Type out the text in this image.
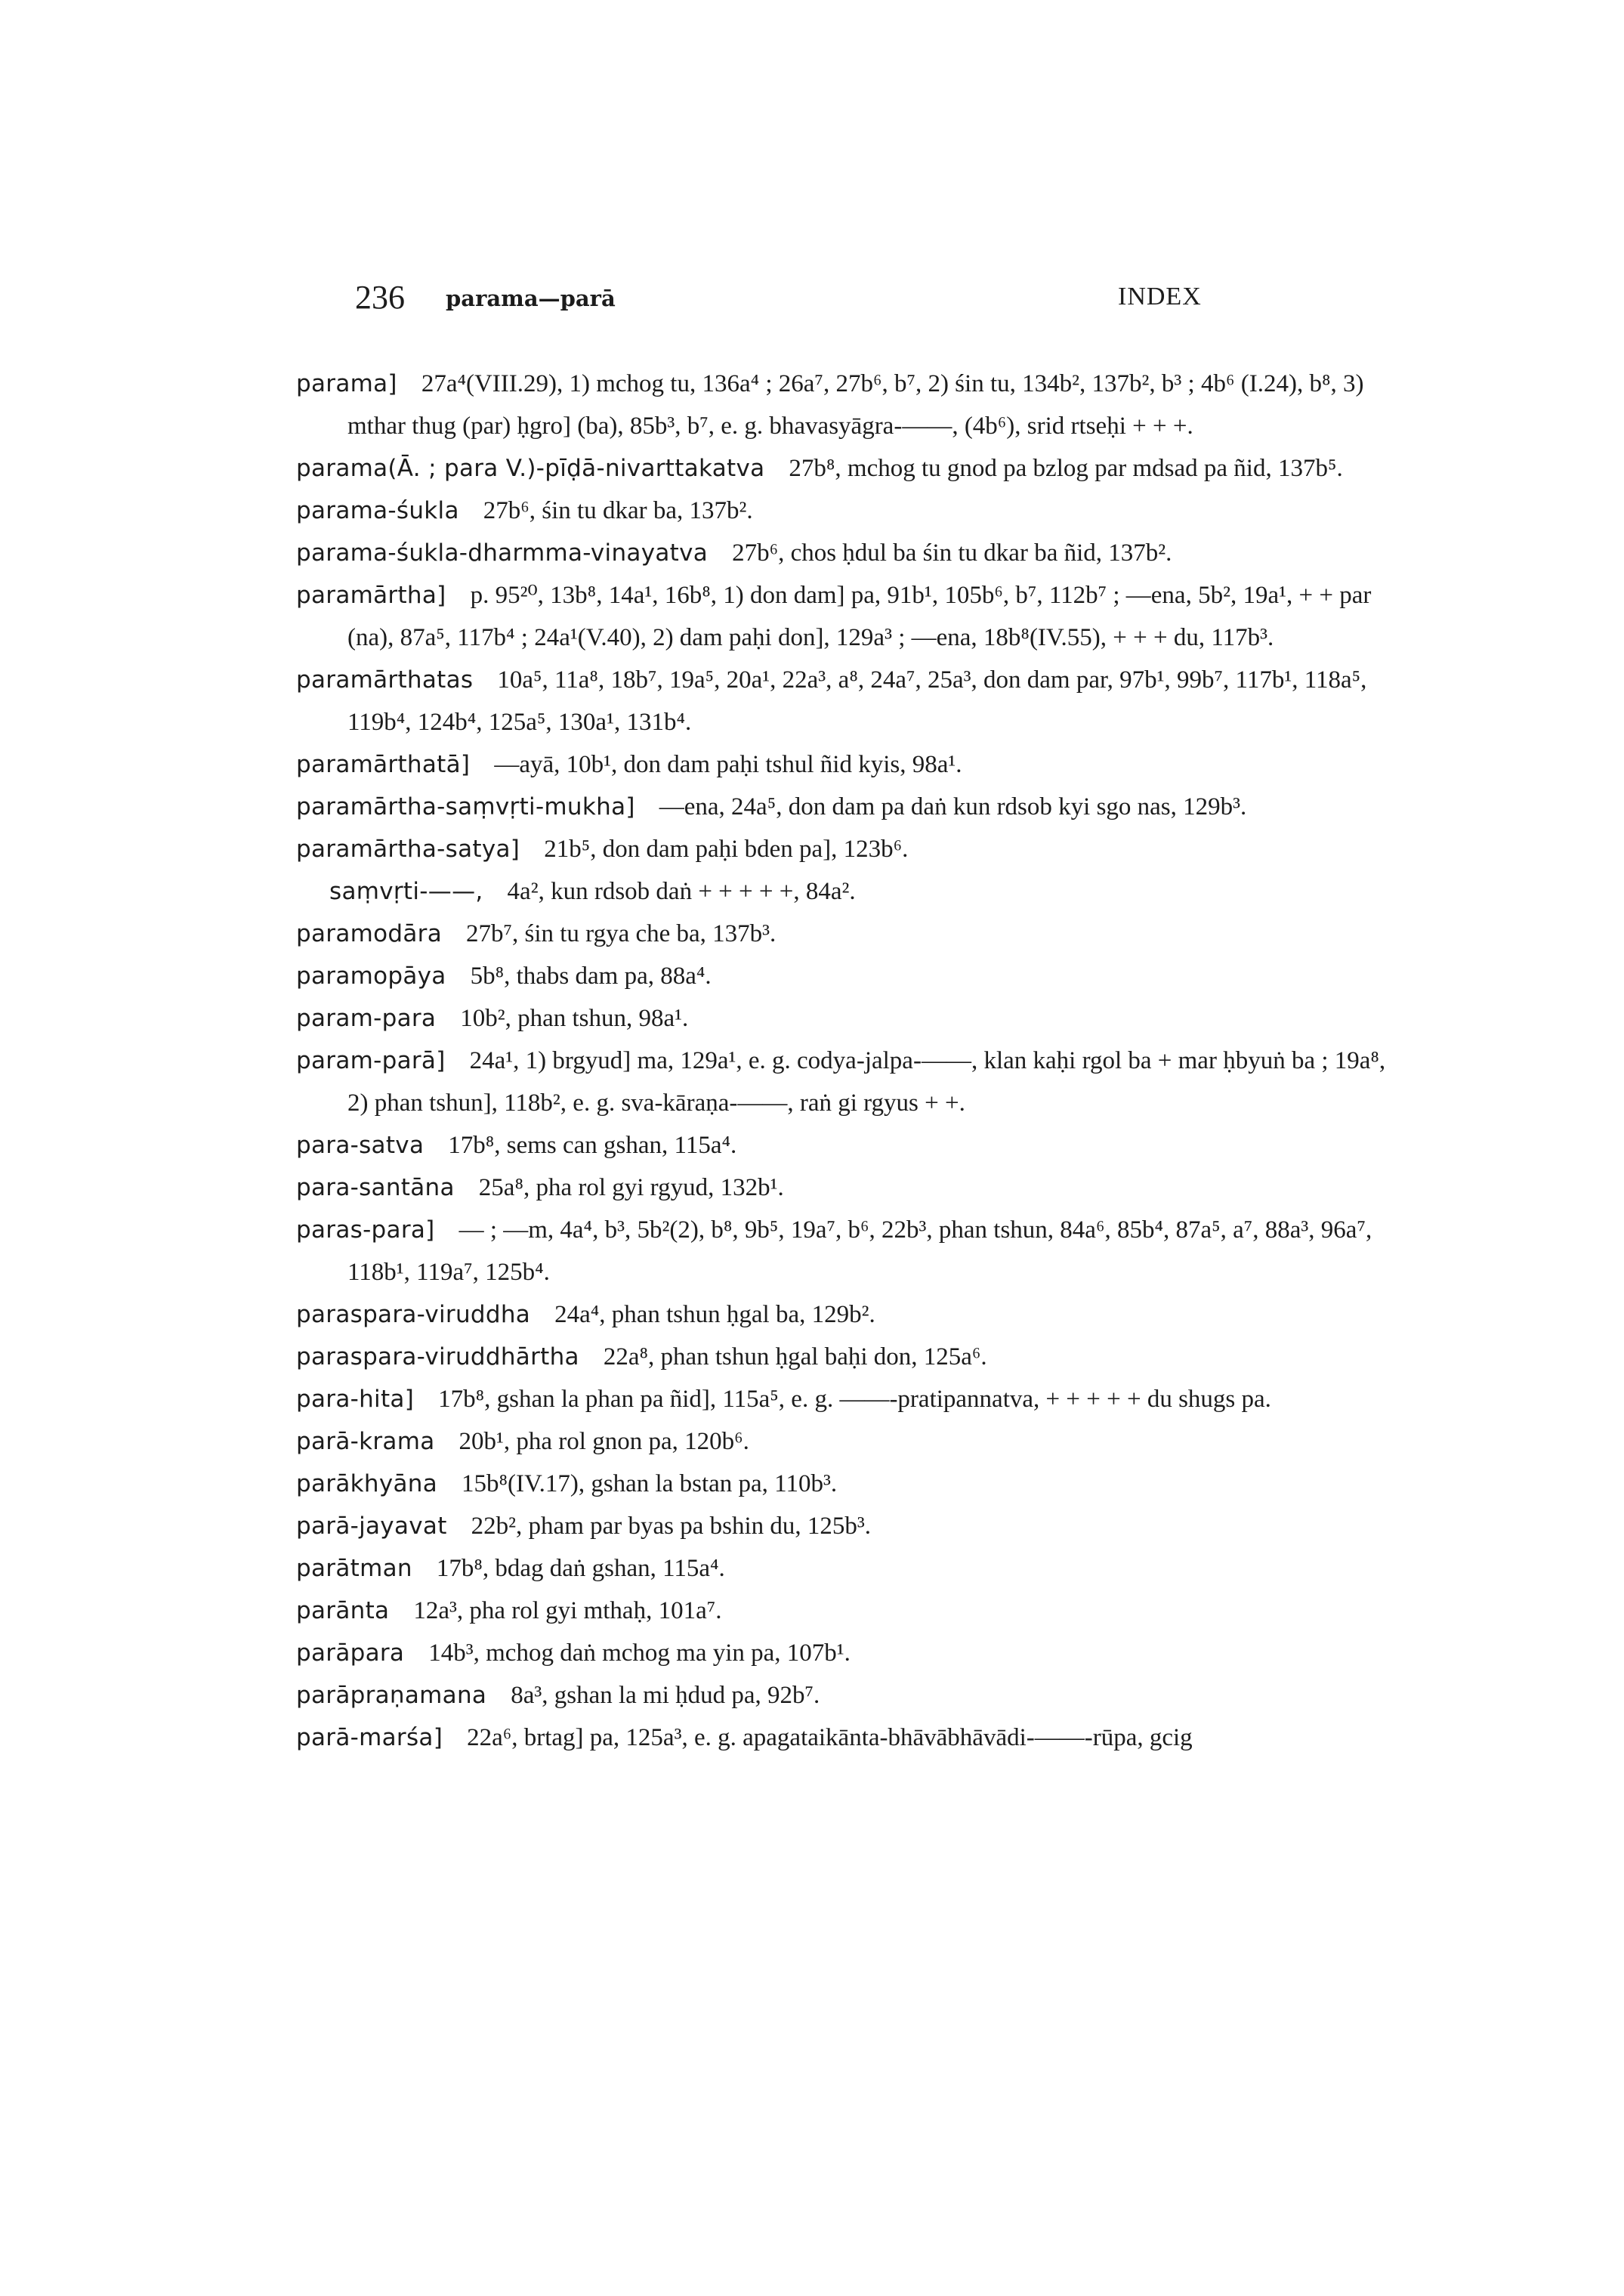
236 parama—parā	INDEX
parama] 27a⁴(VIII.29), 1) mchog tu, 136a⁴ ; 26a⁷, 27b⁶, b⁷, 2) śin tu, 134b², 137b², b³ ; 4b⁶ (I.24), b⁸, 3) mthar thug (par) ḥgro] (ba), 85b³, b⁷, e. g. bhavasyāgra-——, (4b⁶), srid rtseḥi + + +.
parama(Ā. ; para V.)-pīḍā-nivarttakatva 27b⁸, mchog tu gnod pa bzlog par mdsad pa ñid, 137b⁵.
parama-śukla 27b⁶, śin tu dkar ba, 137b².
parama-śukla-dharmma-vinayatva 27b⁶, chos ḥdul ba śin tu dkar ba ñid, 137b².
paramārtha] p. 95²⁰, 13b⁸, 14a¹, 16b⁸, 1) don dam] pa, 91b¹, 105b⁶, b⁷, 112b⁷ ; —ena, 5b², 19a¹, + + par (na), 87a⁵, 117b⁴ ; 24a¹(V.40), 2) dam paḥi don], 129a³ ; —ena, 18b⁸(IV.55), + + + du, 117b³.
paramārthatas 10a⁵, 11a⁸, 18b⁷, 19a⁵, 20a¹, 22a³, a⁸, 24a⁷, 25a³, don dam par, 97b¹, 99b⁷, 117b¹, 118a⁵, 119b⁴, 124b⁴, 125a⁵, 130a¹, 131b⁴.
paramārthatā] —ayā, 10b¹, don dam paḥi tshul ñid kyis, 98a¹.
paramārtha-saṃvṛti-mukha] —ena, 24a⁵, don dam pa daṅ kun rdsob kyi sgo nas, 129b³.
paramārtha-satya] 21b⁵, don dam paḥi bden pa], 123b⁶.
saṃvṛti-——, 4a², kun rdsob daṅ + + + + +, 84a².
paramodāra 27b⁷, śin tu rgya che ba, 137b³.
paramopāya 5b⁸, thabs dam pa, 88a⁴.
param-para 10b², phan tshun, 98a¹.
param-parā] 24a¹, 1) brgyud] ma, 129a¹, e. g. codya-jalpa-——, klan kaḥi rgol ba + mar ḥbyuṅ ba ; 19a⁸, 2) phan tshun], 118b², e. g. sva-kāraṇa-——, raṅ gi rgyus + +.
para-satva 17b⁸, sems can gshan, 115a⁴.
para-santāna 25a⁸, pha rol gyi rgyud, 132b¹.
paras-para] — ; —m, 4a⁴, b³, 5b²(2), b⁸, 9b⁵, 19a⁷, b⁶, 22b³, phan tshun, 84a⁶, 85b⁴, 87a⁵, a⁷, 88a³, 96a⁷, 118b¹, 119a⁷, 125b⁴.
paraspara-viruddha 24a⁴, phan tshun ḥgal ba, 129b².
paraspara-viruddhārtha 22a⁸, phan tshun ḥgal baḥi don, 125a⁶.
para-hita] 17b⁸, gshan la phan pa ñid], 115a⁵, e. g. ——-pratipannatva, + + + + + du shugs pa.
parā-krama 20b¹, pha rol gnon pa, 120b⁶.
parākhyāna 15b⁸(IV.17), gshan la bstan pa, 110b³.
parā-jayavat 22b², pham par byas pa bshin du, 125b³.
parātman 17b⁸, bdag daṅ gshan, 115a⁴.
parānta 12a³, pha rol gyi mthaḥ, 101a⁷.
parāpara 14b³, mchog daṅ mchog ma yin pa, 107b¹.
parāpraṇamana 8a³, gshan la mi ḥdud pa, 92b⁷.
parā-marśa] 22a⁶, brtag] pa, 125a³, e. g. apagataikānta-bhāvābhāvādi-——-rūpa, gcig
